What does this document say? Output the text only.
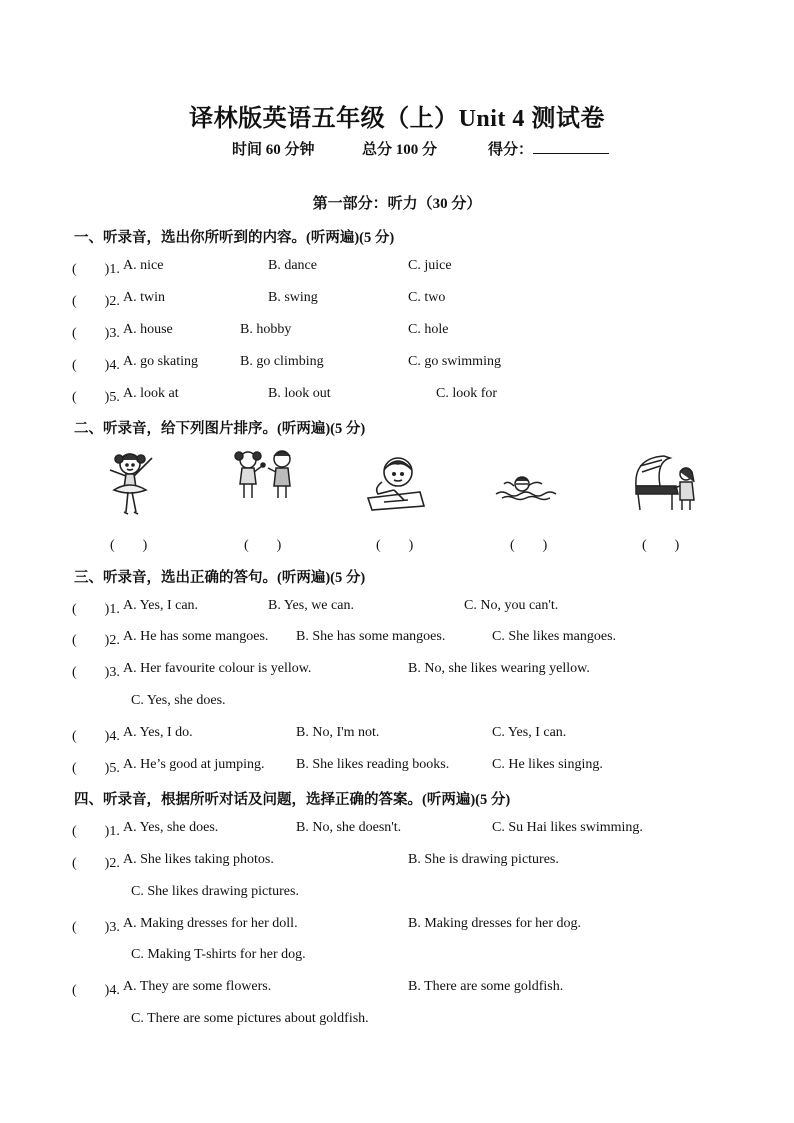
译林版英语五年级（上）Unit 4 测试卷
时间 60 分钟	总分 100 分	得分：
第一部分：听力（30 分）
一、听录音，选出你所听到的内容。(听两遍)(5 分)
(　　)1. A. nice	B. dance	C. juice
(　　)2. A. twin	B. swing	C. two
(　　)3. A. house	B. hobby	C. hole
(　　)4. A. go skating	B. go climbing	C. go swimming
(　　)5. A. look at	B. look out	C. look for
二、听录音，给下列图片排序。(听两遍)(5 分)
(　　)	(　　)	(　　)	(　　)	(　　)
三、听录音，选出正确的答句。(听两遍)(5 分)
(　　)1. A. Yes, I can.	B. Yes, we can.	C. No, you can't.
(　　)2. A. He has some mangoes. B. She has some mangoes.	C. She likes mangoes.
(　　)3. A. Her favourite colour is yellow.	B. No, she likes wearing yellow.
C. Yes, she does.
(　　)4. A. Yes, I do.	B. No, I'm not.	C. Yes, I can.
(　　)5. A. He’s good at jumping. B. She likes reading books.	C. He likes singing.
四、听录音，根据所听对话及问题，选择正确的答案。(听两遍)(5 分)
(　　)1. A. Yes, she does.	B. No, she doesn't.	C. Su Hai likes swimming.
(　　)2. A. She likes taking photos.	B. She is drawing pictures.
C. She likes drawing pictures.
(　　)3. A. Making dresses for her doll.	B. Making dresses for her dog.
C. Making T-shirts for her dog.
(　　)4. A. They are some flowers.	B. There are some goldfish.
C. There are some pictures about goldfish.
